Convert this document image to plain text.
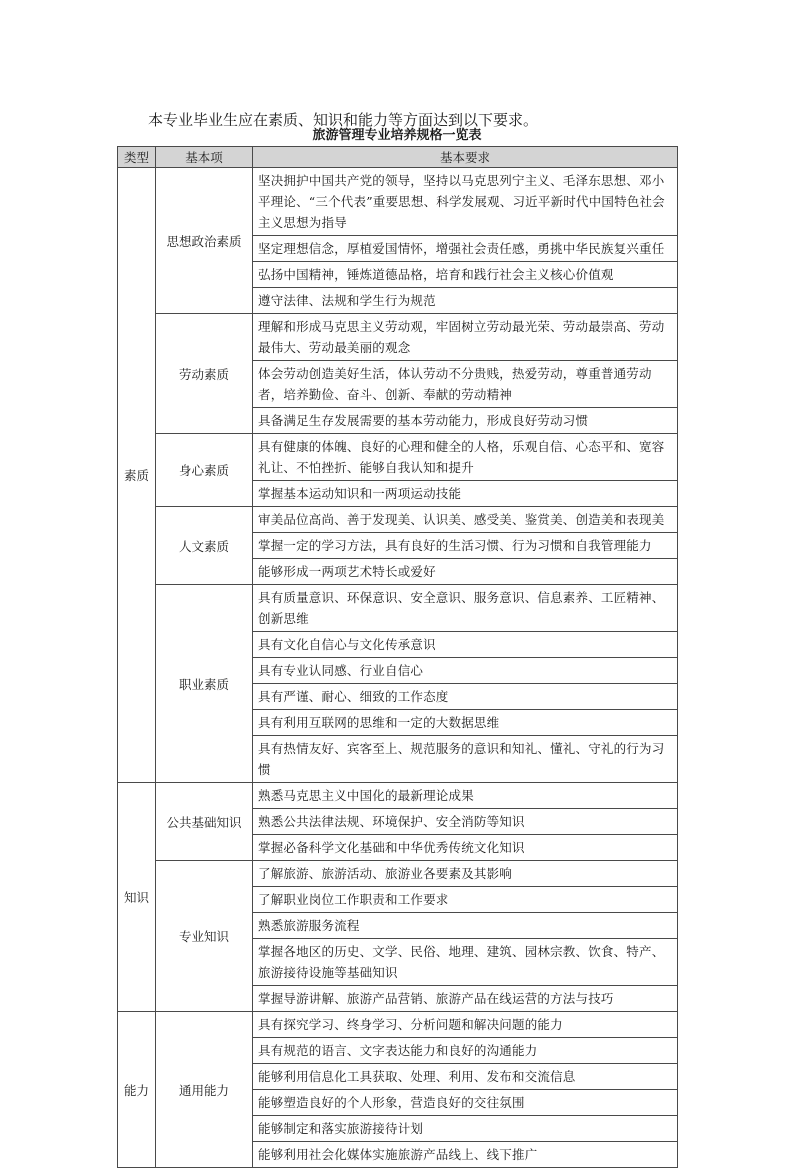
本专业毕业生应在素质、知识和能力等方面达到以下要求。

旅游管理专业培养规格一览表
类型	基本项	基本要求
素质	思想政治素质	坚决拥护中国共产党的领导，坚持以马克思列宁主义、毛泽东思想、邓小平理论、“三个代表”重要思想、科学发展观、习近平新时代中国特色社会主义思想为指导
		坚定理想信念，厚植爱国情怀，增强社会责任感，勇挑中华民族复兴重任
		弘扬中国精神，锤炼道德品格，培育和践行社会主义核心价值观
		遵守法律、法规和学生行为规范
	劳动素质	理解和形成马克思主义劳动观，牢固树立劳动最光荣、劳动最崇高、劳动最伟大、劳动最美丽的观念
		体会劳动创造美好生活，体认劳动不分贵贱，热爱劳动，尊重普通劳动者，培养勤俭、奋斗、创新、奉献的劳动精神
		具备满足生存发展需要的基本劳动能力，形成良好劳动习惯
	身心素质	具有健康的体魄、良好的心理和健全的人格，乐观自信、心态平和、宽容礼让、不怕挫折、能够自我认知和提升
		掌握基本运动知识和一两项运动技能
	人文素质	审美品位高尚、善于发现美、认识美、感受美、鉴赏美、创造美和表现美
		掌握一定的学习方法，具有良好的生活习惯、行为习惯和自我管理能力
		能够形成一两项艺术特长或爱好
	职业素质	具有质量意识、环保意识、安全意识、服务意识、信息素养、工匠精神、创新思维
		具有文化自信心与文化传承意识
		具有专业认同感、行业自信心
		具有严谨、耐心、细致的工作态度
		具有利用互联网的思维和一定的大数据思维
		具有热情友好、宾客至上、规范服务的意识和知礼、懂礼、守礼的行为习惯
知识	公共基础知识	熟悉马克思主义中国化的最新理论成果
		熟悉公共法律法规、环境保护、安全消防等知识
		掌握必备科学文化基础和中华优秀传统文化知识
	专业知识	了解旅游、旅游活动、旅游业各要素及其影响
		了解职业岗位工作职责和工作要求
		熟悉旅游服务流程
		掌握各地区的历史、文学、民俗、地理、建筑、园林宗教、饮食、特产、旅游接待设施等基础知识
		掌握导游讲解、旅游产品营销、旅游产品在线运营的方法与技巧
能力	通用能力	具有探究学习、终身学习、分析问题和解决问题的能力
		具有规范的语言、文字表达能力和良好的沟通能力
		能够利用信息化工具获取、处理、利用、发布和交流信息
		能够塑造良好的个人形象，营造良好的交往氛围
		能够制定和落实旅游接待计划
		能够利用社会化媒体实施旅游产品线上、线下推广
